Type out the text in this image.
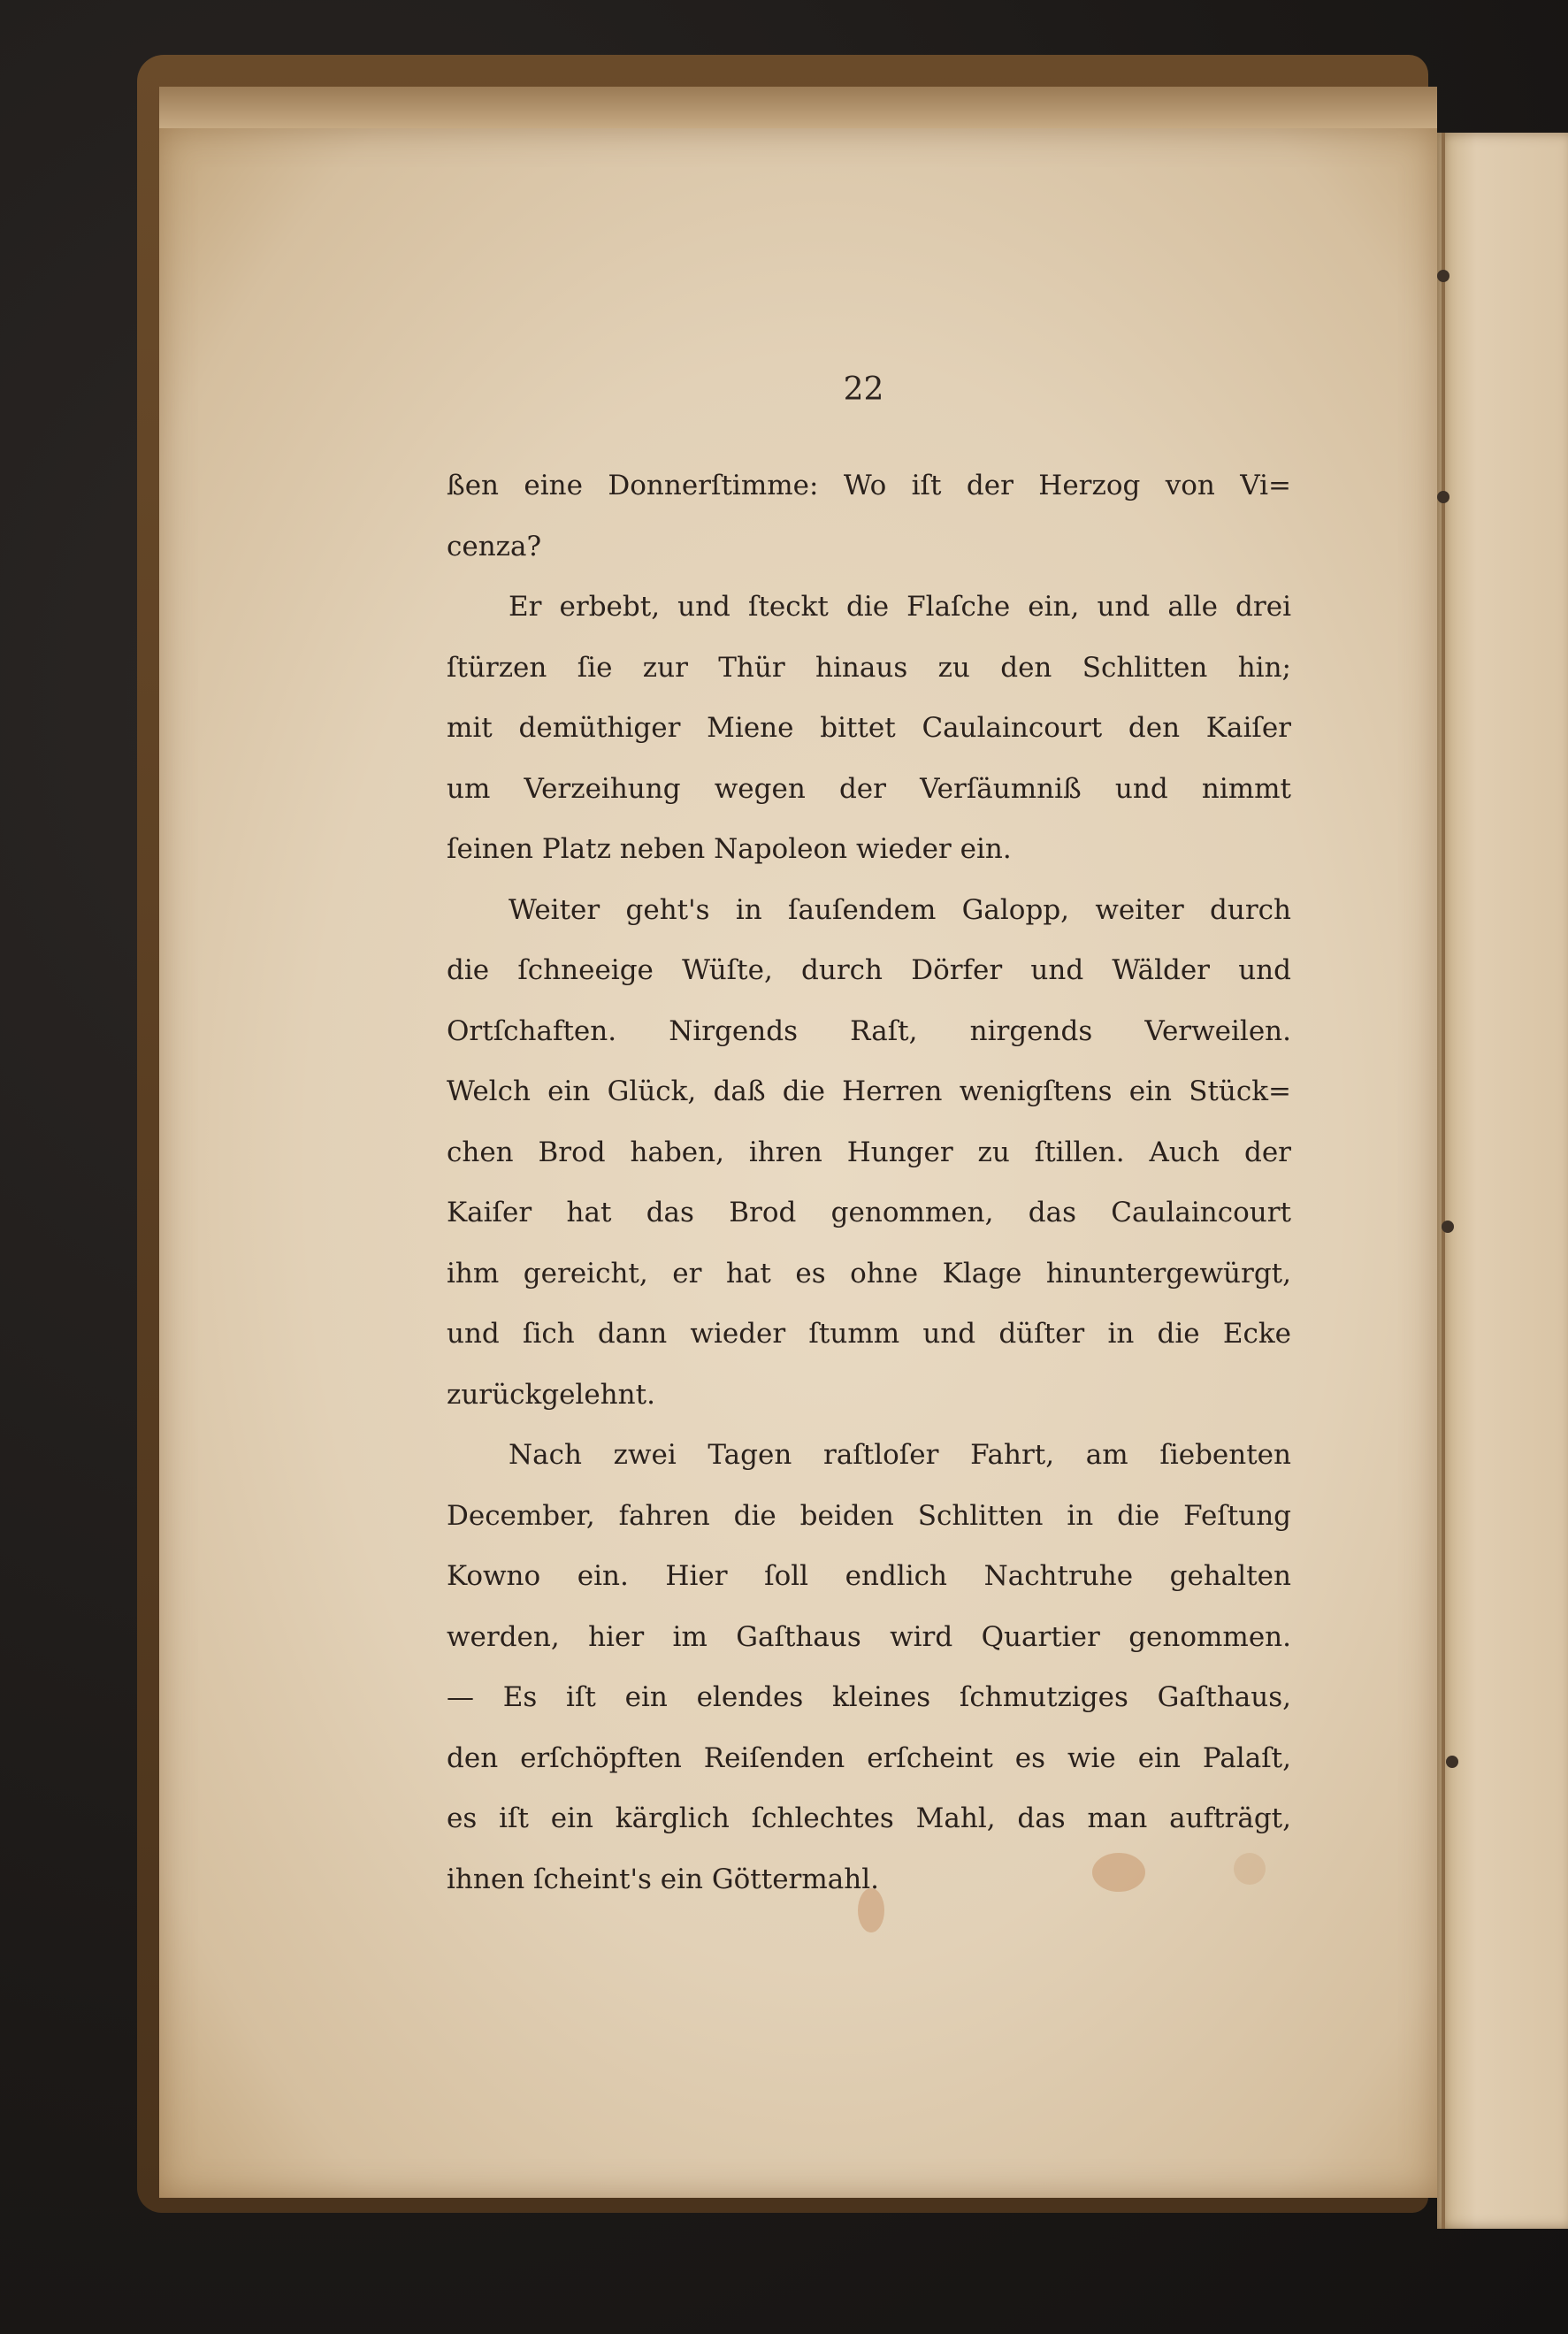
22
ßen eine Donnerſtimme: Wo iſt der Herzog von Vi=
cenza?
Er erbebt, und ſteckt die Flaſche ein, und alle drei
ſtürzen ſie zur Thür hinaus zu den Schlitten hin;
mit demüthiger Miene bittet Caulaincourt den Kaiſer
um Verzeihung wegen der Verſäumniß und nimmt
ſeinen Platz neben Napoleon wieder ein.
Weiter geht's in ſauſendem Galopp, weiter durch
die ſchneeige Wüſte, durch Dörfer und Wälder und
Ortſchaften. Nirgends Raſt, nirgends Verweilen.
Welch ein Glück, daß die Herren wenigſtens ein Stück=
chen Brod haben, ihren Hunger zu ſtillen. Auch der
Kaiſer hat das Brod genommen, das Caulaincourt
ihm gereicht, er hat es ohne Klage hinuntergewürgt,
und ſich dann wieder ſtumm und düſter in die Ecke
zurückgelehnt.
Nach zwei Tagen raſtloſer Fahrt, am ſiebenten
December, fahren die beiden Schlitten in die Feſtung
Kowno ein. Hier ſoll endlich Nachtruhe gehalten
werden, hier im Gaſthaus wird Quartier genommen.
— Es iſt ein elendes kleines ſchmutziges Gaſthaus,
den erſchöpften Reiſenden erſcheint es wie ein Palaſt,
es iſt ein kärglich ſchlechtes Mahl, das man aufträgt,
ihnen ſcheint's ein Göttermahl.
